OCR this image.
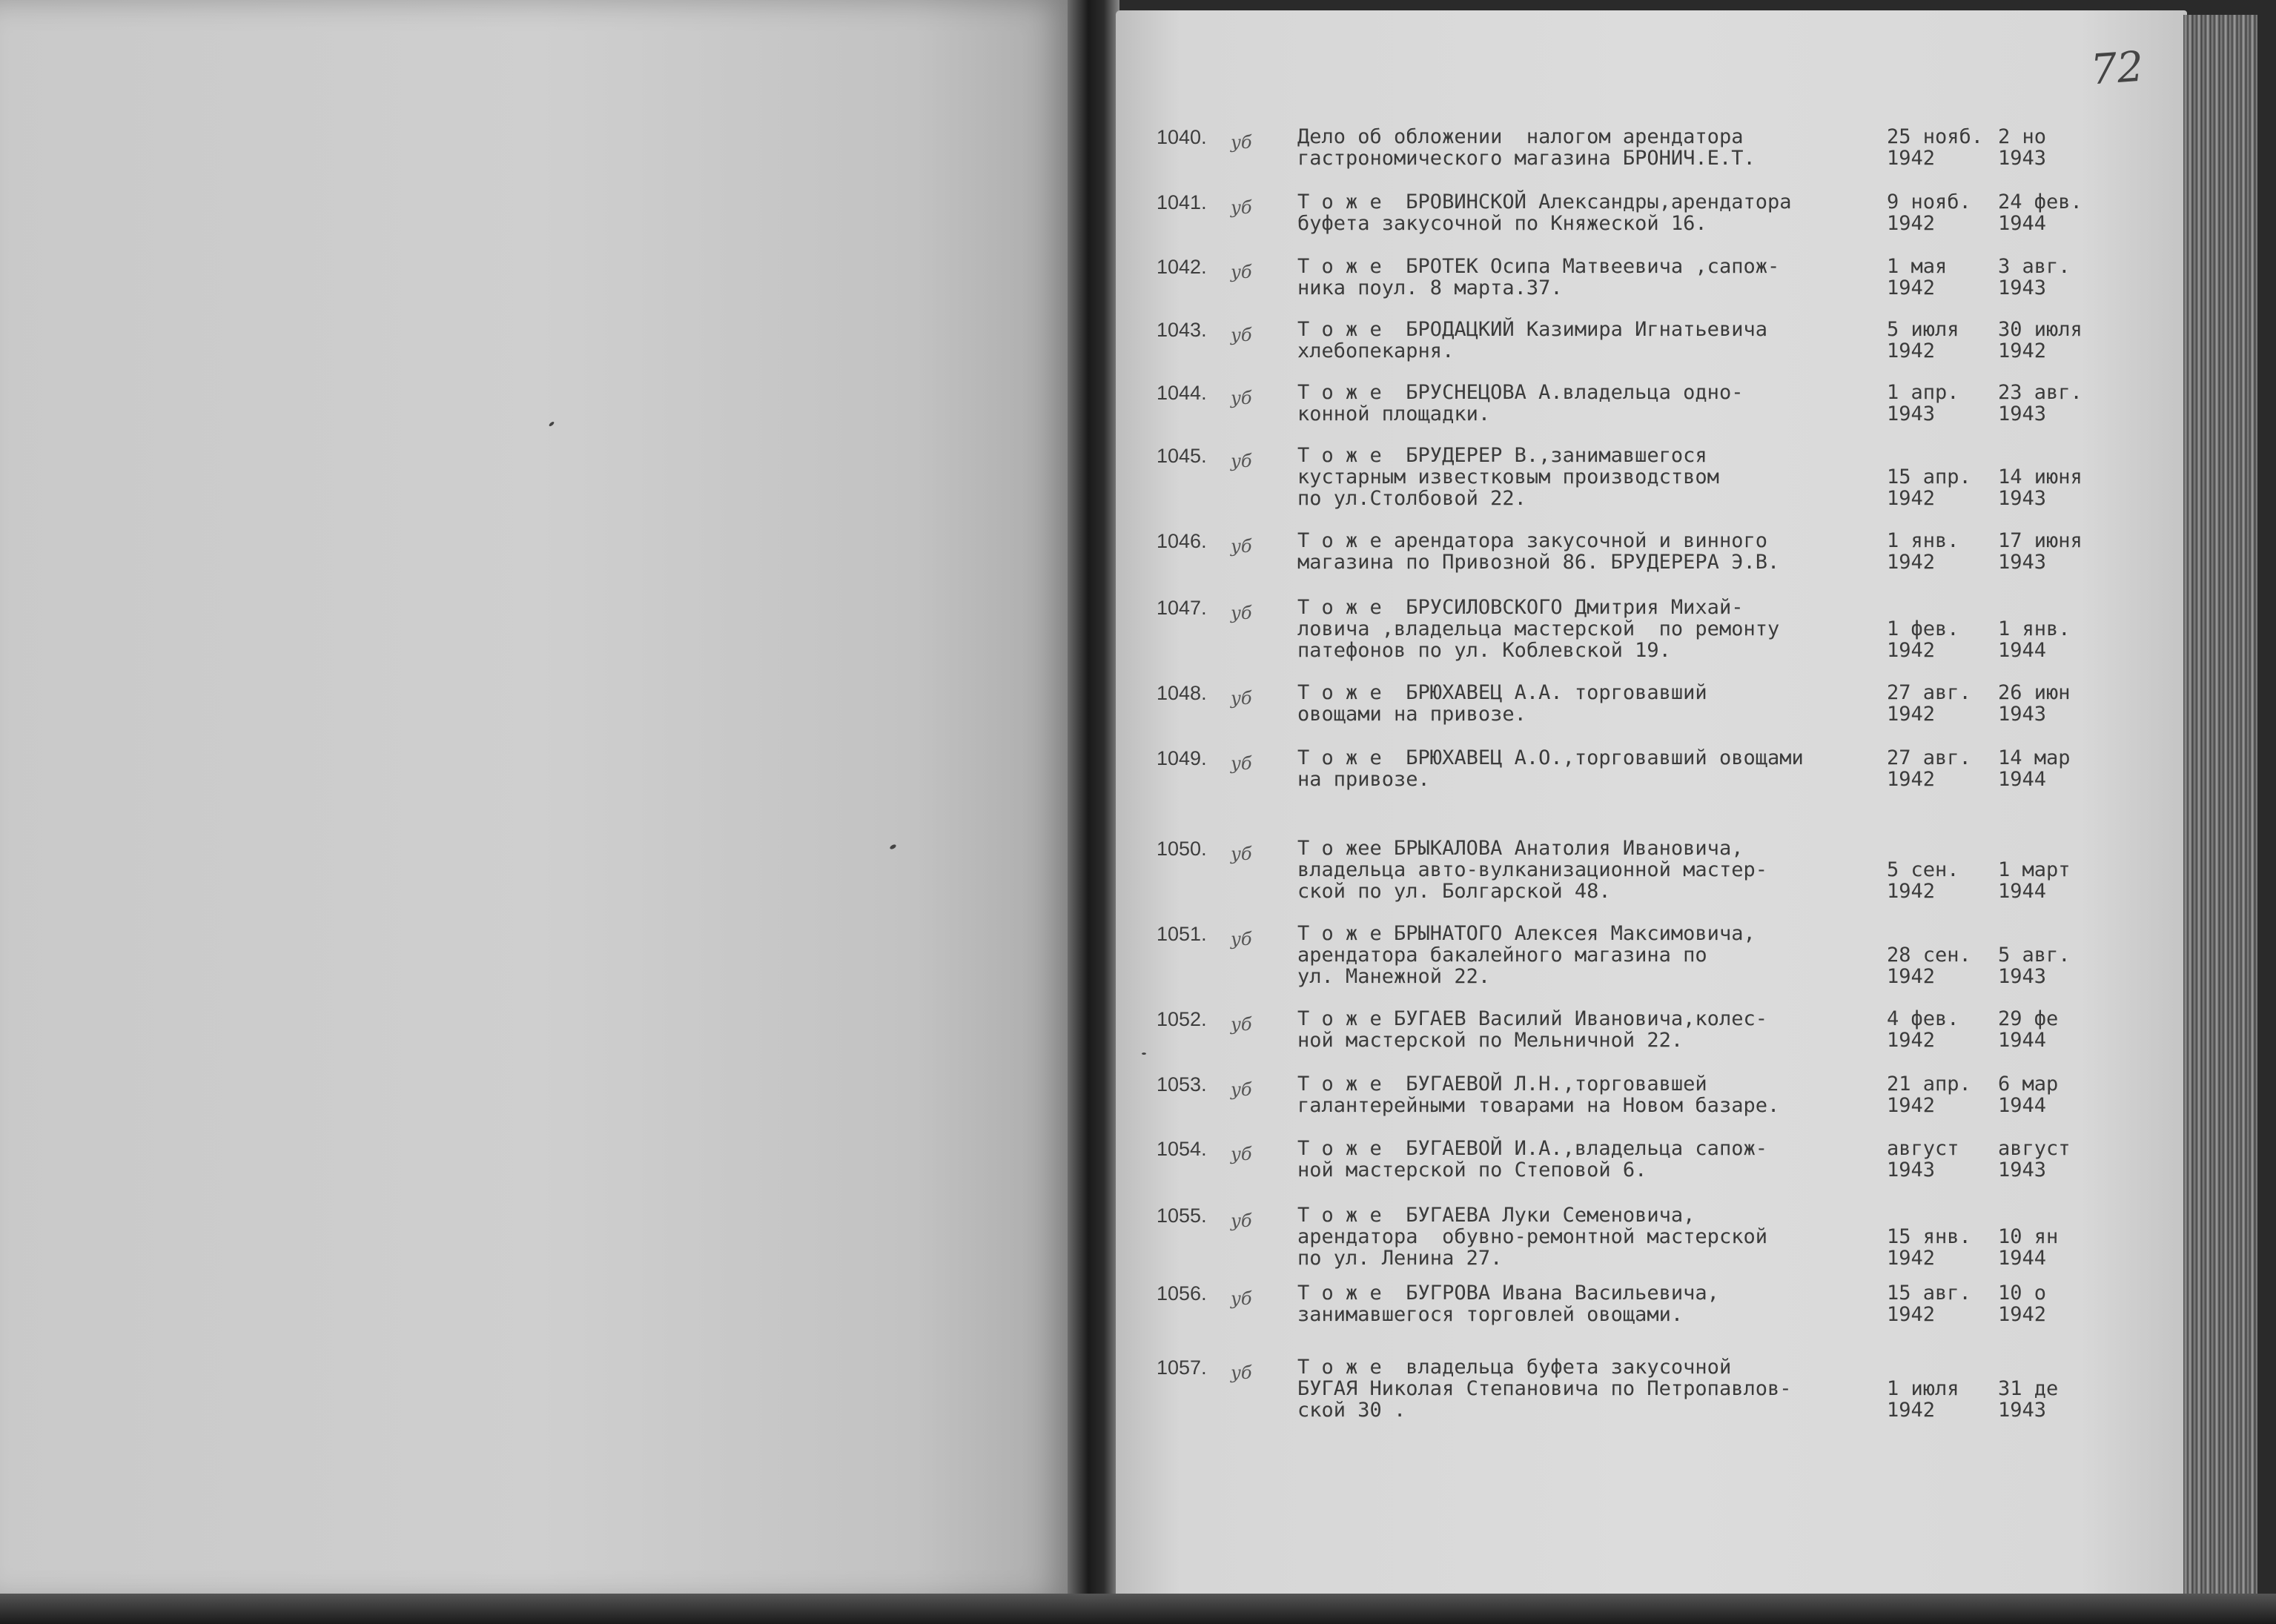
72
1040. уб Дело об обложении  налогом арендатора
гастрономического магазина БРОНИЧ.Е.Т.
25 нояб.
1942
2 но
1943
1041. уб Т о ж е  БРОВИНСКОЙ Александры,арендатора
буфета закусочной по Княжеской 16.
9 нояб.
1942
24 фев.
1944
1042. уб Т о ж е  БРОТЕК Осипа Матвеевича ,сапож-
ника поул. 8 марта.37.
1 мая
1942
3 авг.
1943
1043. уб Т о ж е  БРОДАЦКИЙ Казимира Игнатьевича
хлебопекарня.
5 июля
1942
30 июля
1942
1044. уб Т о ж е  БРУСНЕЦОВА А.владельца одно-
конной площадки.
1 апр.
1943
23 авг.
1943
1045. уб Т о ж е  БРУДЕРЕР В.,занимавшегося
кустарным известковым производством
по ул.Столбовой 22.
15 апр.
1942
14 июня
1943
1046. уб Т о ж е арендатора закусочной и винного
магазина по Привозной 86. БРУДЕРЕРА Э.В.
1 янв.
1942
17 июня
1943
1047. уб Т о ж е  БРУСИЛОВСКОГО Дмитрия Михай-
ловича ,владельца мастерской  по ремонту
патефонов по ул. Коблевской 19.
1 фев.
1942
1 янв.
1944
1048. уб Т о ж е  БРЮХАВЕЦ А.А. торговавший
овощами на привозе.
27 авг.
1942
26 июн
1943
1049. уб Т о ж е  БРЮХАВЕЦ А.О.,торговавший овощами
на привозе.
27 авг.
1942
14 мар
1944
1050. уб Т о жее БРЫКАЛОВА Анатолия Ивановича,
владельца авто-вулканизационной мастер-
ской по ул. Болгарской 48.
5 сен.
1942
1 март
1944
1051. уб Т о ж е БРЫНАТОГО Алексея Максимовича,
арендатора бакалейного магазина по
ул. Манежной 22.
28 сен.
1942
5 авг.
1943
1052. уб Т о ж е БУГАЕВ Василий Ивановича,колес-
ной мастерской по Мельничной 22.
4 фев.
1942
29 фе
1944
1053. уб Т о ж е  БУГАЕВОЙ Л.Н.,торговавшей
галантерейными товарами на Новом базаре.
21 апр.
1942
6 мар
1944
1054. уб Т о ж е  БУГАЕВОЙ И.А.,владельца сапож-
ной мастерской по Степовой 6.
август
1943
август
1943
1055. уб Т о ж е  БУГАЕВА Луки Семеновича,
арендатора  обувно-ремонтной мастерской
по ул. Ленина 27.
15 янв.
1942
10 ян
1944
1056. уб Т о ж е  БУГРОВА Ивана Васильевича,
занимавшегося торговлей овощами.
15 авг.
1942
10 о
1942
1057. уб Т о ж е  владельца буфета закусочной
БУГАЯ Николая Степановича по Петропавлов-
ской 30 .
1 июля
1942
31 де
1943
